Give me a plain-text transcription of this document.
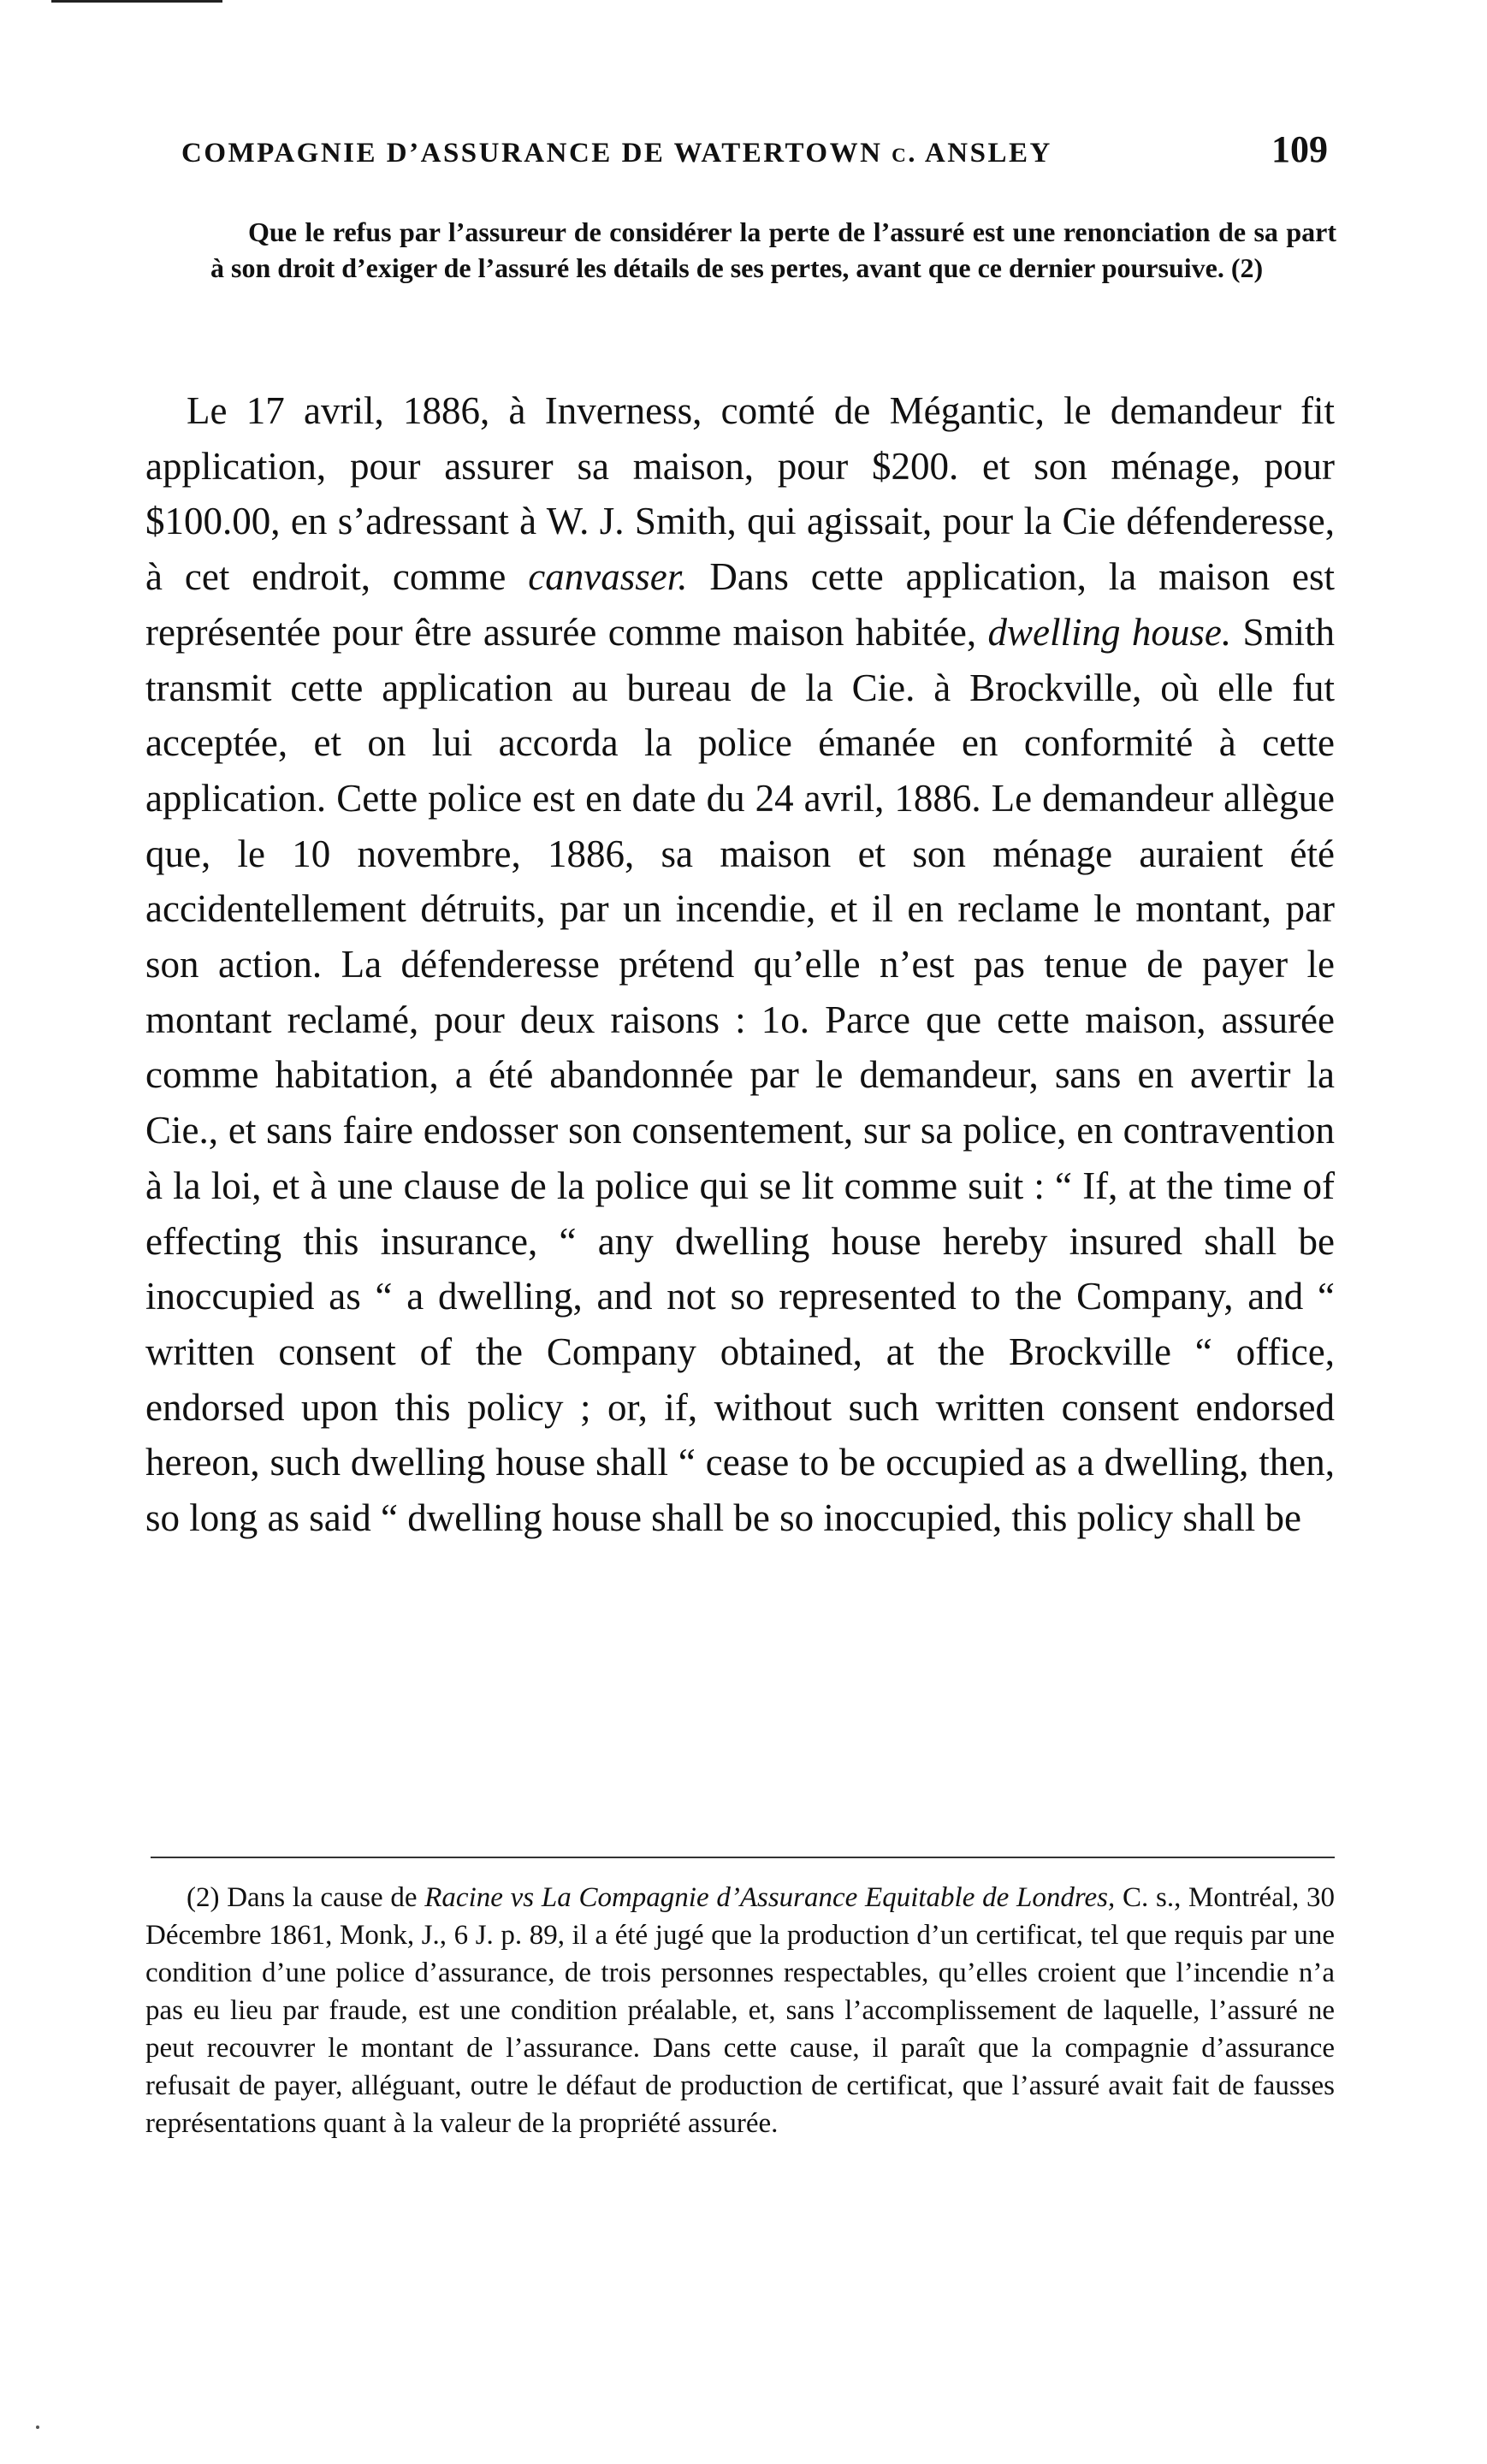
COMPAGNIE D’ASSURANCE DE WATERTOWN c. ANSLEY	109
Que le refus par l’assureur de considérer la perte de l’assuré est une renonciation de sa part à son droit d’exiger de l’assuré les détails de ses pertes, avant que ce dernier poursuive. (2)

Le 17 avril, 1886, à Inverness, comté de Mégantic, le demandeur fit application, pour assurer sa maison, pour $200. et son ménage, pour $100.00, en s’adressant à W. J. Smith, qui agissait, pour la Cie défenderesse, à cet endroit, comme canvasser. Dans cette application, la maison est représentée pour être assurée comme maison habitée, dwelling house. Smith transmit cette application au bureau de la Cie. à Brockville, où elle fut acceptée, et on lui accorda la police émanée en conformité à cette application. Cette police est en date du 24 avril, 1886. Le demandeur allègue que, le 10 novembre, 1886, sa maison et son ménage auraient été accidentellement détruits, par un incendie, et il en reclame le montant, par son action. La défenderesse prétend qu’elle n’est pas tenue de payer le montant reclamé, pour deux raisons : 1o. Parce que cette maison, assurée comme habitation, a été abandonnée par le demandeur, sans en avertir la Cie., et sans faire endosser son consentement, sur sa police, en contravention à la loi, et à une clause de la police qui se lit comme suit : “ If, at the time of effecting this insurance, “ any dwelling house hereby insured shall be inoccupied as “ a dwelling, and not so represented to the Company, and “ written consent of the Company obtained, at the Brockville “ office, endorsed upon this policy ; or, if, without such written consent endorsed hereon, such dwelling house shall “ cease to be occupied as a dwelling, then, so long as said “ dwelling house shall be so inoccupied, this policy shall be

(2) Dans la cause de Racine vs La Compagnie d’Assurance Equitable de Londres, C. s., Montréal, 30 Décembre 1861, Monk, J., 6 J. p. 89, il a été jugé que la production d’un certificat, tel que requis par une condition d’une police d’assurance, de trois personnes respectables, qu’elles croient que l’incendie n’a pas eu lieu par fraude, est une condition préalable, et, sans l’accomplissement de laquelle, l’assuré ne peut recouvrer le montant de l’assurance. Dans cette cause, il paraît que la compagnie d’assurance refusait de payer, alléguant, outre le défaut de production de certificat, que l’assuré avait fait de fausses représentations quant à la valeur de la propriété assurée.
